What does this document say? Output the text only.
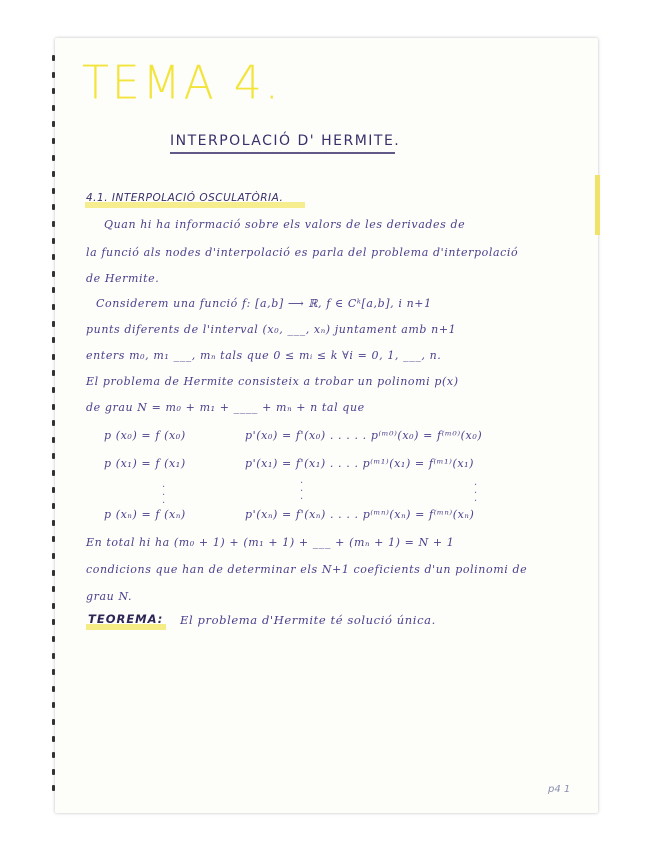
TEMA 4.
INTERPOLACIÓ D' HERMITE.
4.1. INTERPOLACIÓ OSCULATÒRIA.
Quan hi ha informació sobre els valors de les derivades de
la funció als nodes d'interpolació es parla del problema d'interpolació
de Hermite.
Considerem una funció f: [a,b] ⟶ ℝ, f ∈ Cᵏ[a,b], i n+1
punts diferents de l'interval (x₀, ___, xₙ) juntament amb n+1
enters m₀, m₁ ___, mₙ tals que 0 ≤ mᵢ ≤ k ∀i = 0, 1, ___, n.
El problema de Hermite consisteix a trobar un polinomi p(x)
de grau N = m₀ + m₁ + ____ + mₙ + n tal que
p (x₀) = f (x₀)	p'(x₀) = f'(x₀) . . . . . p⁽ᵐ⁰⁾(x₀) = f⁽ᵐ⁰⁾(x₀)
p (x₁) = f (x₁)	p'(x₁) = f'(x₁) . . . . p⁽ᵐ¹⁾(x₁) = f⁽ᵐ¹⁾(x₁)
·
·
·
·
·
·
·
·
·
p (xₙ) = f (xₙ)	p'(xₙ) = f'(xₙ) . . . . p⁽ᵐⁿ⁾(xₙ) = f⁽ᵐⁿ⁾(xₙ)
En total hi ha (m₀ + 1) + (m₁ + 1) + ___ + (mₙ + 1) = N + 1
condicions que han de determinar els N+1 coeficients d'un polinomi de
grau N.
TEOREMA: El problema d'Hermite té solució única.
p4 1
